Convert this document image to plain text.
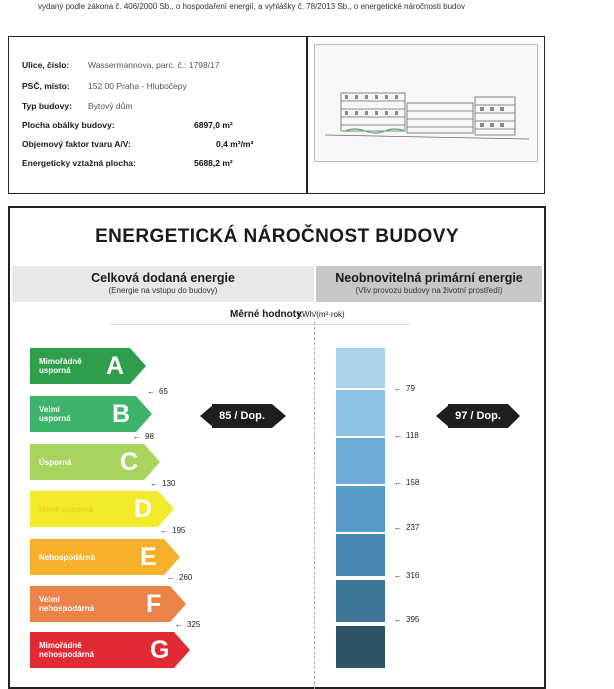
vydaný podle zákona č. 406/2000 Sb., o hospodaření energií, a vyhlášky č. 78/2013 Sb., o energetické náročnosti budov
Ulice, číslo: Wassermannova, parc. č.: 1798/17
PSČ, místo: 152 00 Praha - Hlubočepy
Typ budovy: Bytový dům
Plocha obálky budovy:	6897,0 m²
Objemový faktor tvaru A/V:	0,4 m²/m³
Energeticky vztažná plocha:	5688,2 m²
ENERGETICKÁ NÁROČNOST BUDOVY
Celková dodaná energie
(Energie na vstupu do budovy)
Neobnovitelná primární energie
(Vliv provozu budovy na životní prostředí)
Měrné hodnoty
kWh/(m²·rok)
Mimořádně
usporná	A
Velmi
usporná B
Úsporná C
Méně úsporná D
Nehospodárná E
Velmi
nehospodárná F
Mimořádně
nehospodárná G
← 65
← 98
← 130
← 195
← 260
← 325
← 79
← 118
← 158
← 237
← 316
← 395
85 / Dop.	97 / Dop.
